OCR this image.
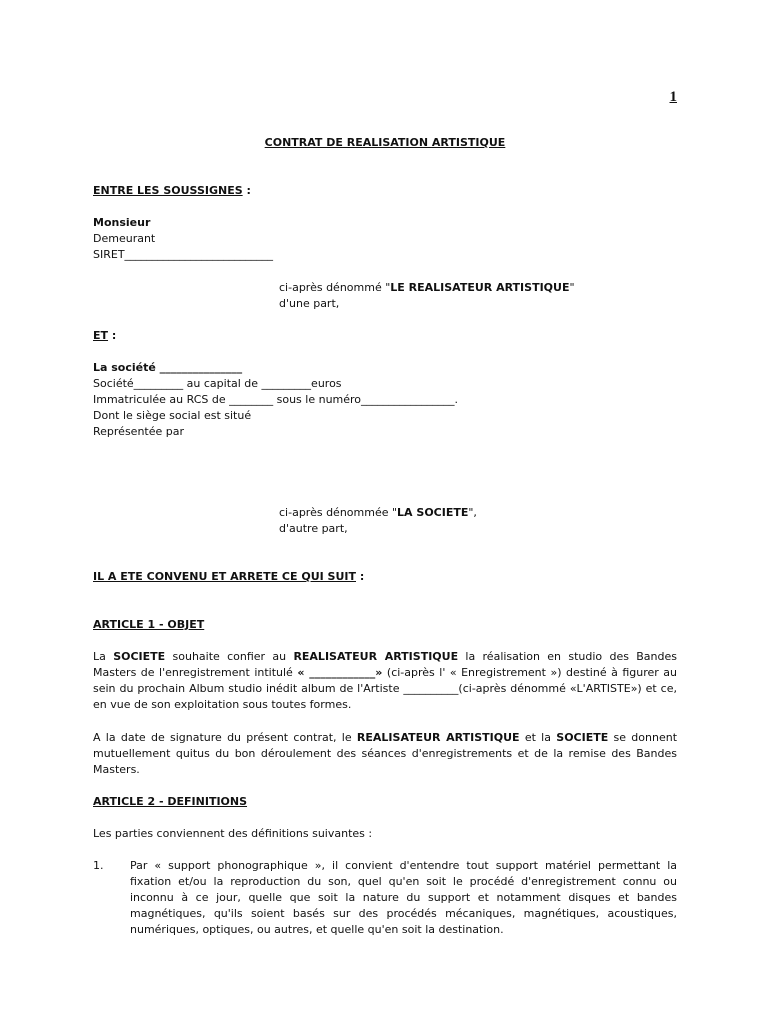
1
CONTRAT DE REALISATION ARTISTIQUE
ENTRE LES SOUSSIGNES :
Monsieur
Demeurant
SIRET___________________________
ci-après dénommé "LE REALISATEUR ARTISTIQUE"
d'une part,
ET :
La société _______________
Société_________ au capital de _________euros
Immatriculée au RCS de ________ sous le numéro_________________.
Dont le siège social est situé
Représentée par
ci-après dénommée "LA SOCIETE",
d'autre part,
IL A ETE CONVENU ET ARRETE CE QUI SUIT :
ARTICLE 1 - OBJET
La SOCIETE souhaite confier au REALISATEUR ARTISTIQUE la réalisation en studio des Bandes Masters de l'enregistrement intitulé « ____________» (ci-après l' « Enregistrement ») destiné à figurer au sein du prochain Album studio inédit album de l'Artiste __________(ci-après dénommé «L'ARTISTE») et ce, en vue de son exploitation sous toutes formes.
A la date de signature du présent contrat, le REALISATEUR ARTISTIQUE et la SOCIETE se donnent mutuellement quitus du bon déroulement des séances d'enregistrements et de la remise des Bandes Masters.
ARTICLE 2 - DEFINITIONS
Les parties conviennent des définitions suivantes :
1. Par « support phonographique », il convient d'entendre tout support matériel permettant la fixation et/ou la reproduction du son, quel qu'en soit le procédé d'enregistrement connu ou inconnu à ce jour, quelle que soit la nature du support et notamment disques et bandes magnétiques, qu'ils soient basés sur des procédés mécaniques, magnétiques, acoustiques, numériques, optiques, ou autres, et quelle qu'en soit la destination.
